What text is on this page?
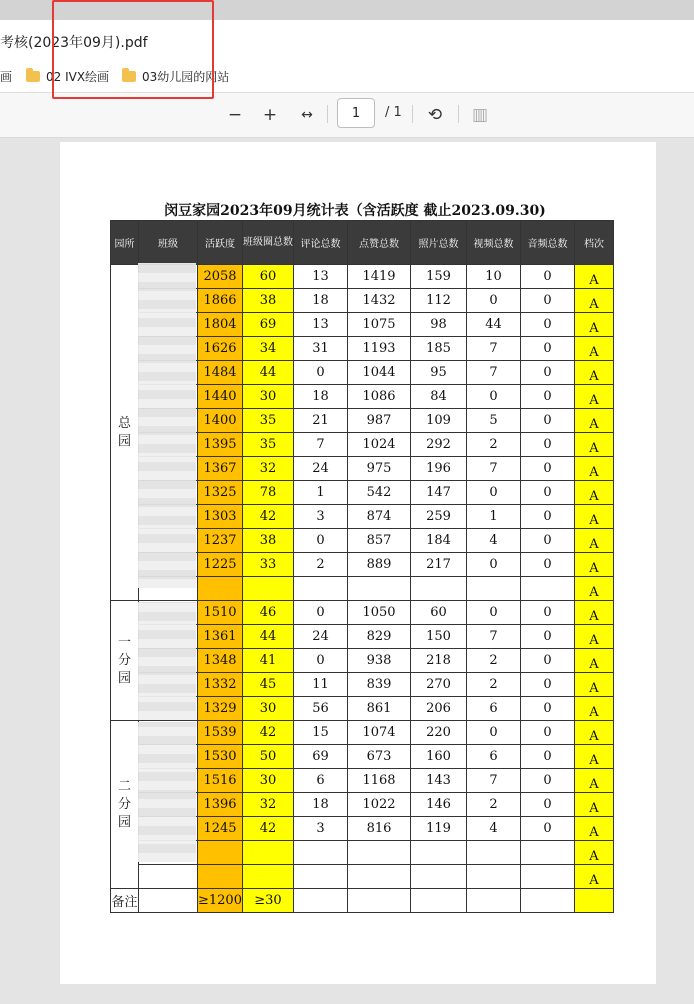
考核(2023年09月).pdf
画	02 IVX绘画	03幼儿园的网站
−	+	↔	1	/ 1	⟲	▥
闵豆家园2023年09月统计表（含活跃度 截止2023.09.30)
园所	班级	活跃度	班级圈总数	评论总数	点赞总数	照片总数	视频总数	音频总数	档次
总园		2058	60	13	1419	159	10	0	A
		1866	38	18	1432	112	0	0	A
		1804	69	13	1075	98	44	0	A
		1626	34	31	1193	185	7	0	A
		1484	44	0	1044	95	7	0	A
		1440	30	18	1086	84	0	0	A
		1400	35	21	987	109	5	0	A
		1395	35	7	1024	292	2	0	A
		1367	32	24	975	196	7	0	A
		1325	78	1	542	147	0	0	A
		1303	42	3	874	259	1	0	A
		1237	38	0	857	184	4	0	A
		1225	33	2	889	217	0	0	A
									A
一分园		1510	46	0	1050	60	0	0	A
		1361	44	24	829	150	7	0	A
		1348	41	0	938	218	2	0	A
		1332	45	11	839	270	2	0	A
		1329	30	56	861	206	6	0	A
二分园		1539	42	15	1074	220	0	0	A
		1530	50	69	673	160	6	0	A
		1516	30	6	1168	143	7	0	A
		1396	32	18	1022	146	2	0	A
		1245	42	3	816	119	4	0	A
									A
									A
备注		≥1200	≥30						
